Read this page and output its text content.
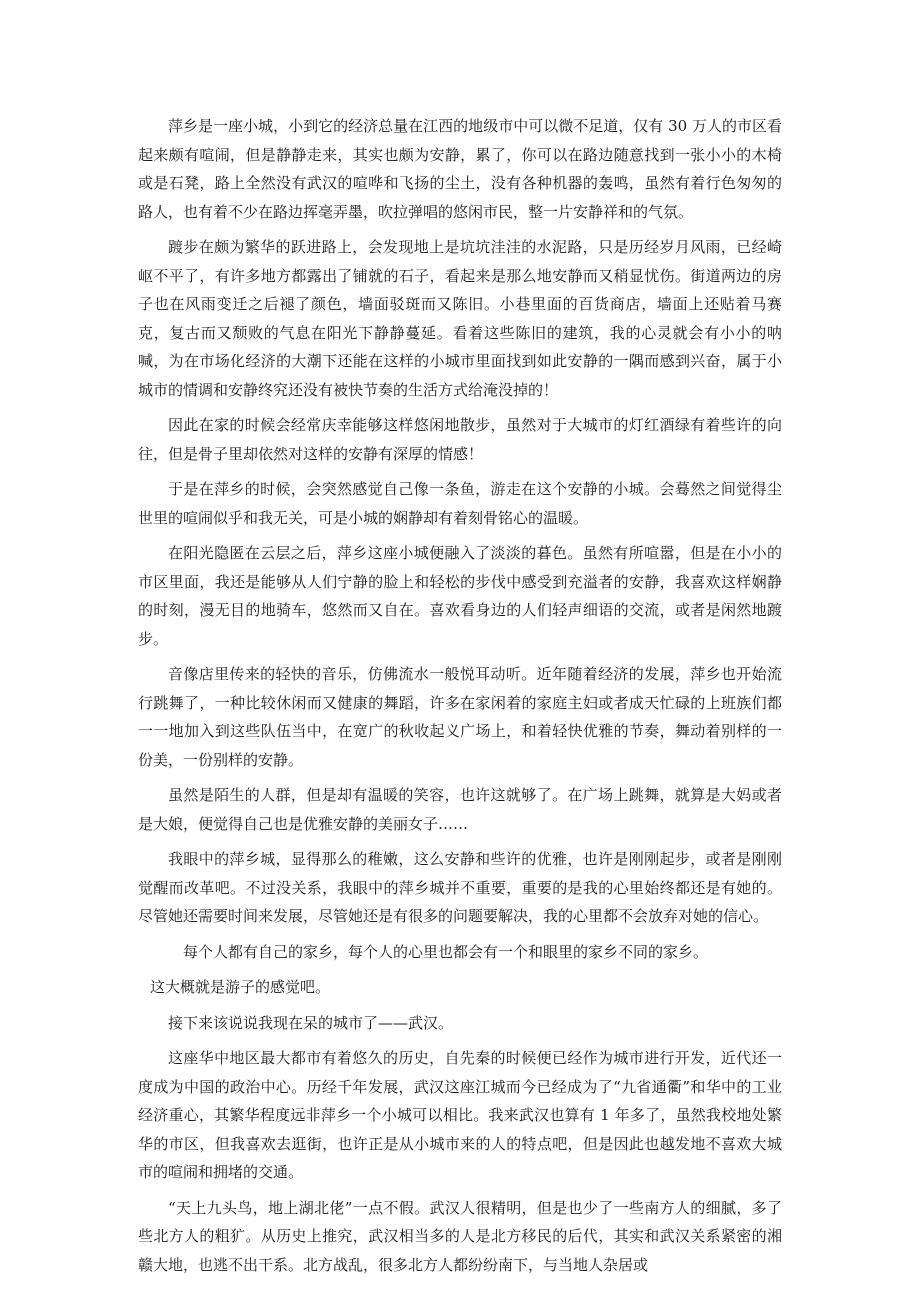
萍乡是一座小城，小到它的经济总量在江西的地级市中可以微不足道，仅有 30 万人的市区看起来颇有喧闹，但是静静走来，其实也颇为安静，累了，你可以在路边随意找到一张小小的木椅或是石凳，路上全然没有武汉的喧哗和飞扬的尘土，没有各种机器的轰鸣，虽然有着行色匆匆的路人，也有着不少在路边挥毫弄墨，吹拉弹唱的悠闲市民，整一片安静祥和的气氛。

踱步在颇为繁华的跃进路上，会发现地上是坑坑洼洼的水泥路，只是历经岁月风雨，已经崎岖不平了，有许多地方都露出了铺就的石子，看起来是那么地安静而又稍显忧伤。街道两边的房子也在风雨变迁之后褪了颜色，墙面驳斑而又陈旧。小巷里面的百货商店，墙面上还贴着马赛克，复古而又颓败的气息在阳光下静静蔓延。看着这些陈旧的建筑，我的心灵就会有小小的呐喊，为在市场化经济的大潮下还能在这样的小城市里面找到如此安静的一隅而感到兴奋，属于小城市的情调和安静终究还没有被快节奏的生活方式给淹没掉的！

因此在家的时候会经常庆幸能够这样悠闲地散步，虽然对于大城市的灯红酒绿有着些许的向往，但是骨子里却依然对这样的安静有深厚的情感！

于是在萍乡的时候，会突然感觉自己像一条鱼，游走在这个安静的小城。会蓦然之间觉得尘世里的喧闹似乎和我无关，可是小城的娴静却有着刻骨铭心的温暖。

在阳光隐匿在云层之后，萍乡这座小城便融入了淡淡的暮色。虽然有所喧嚣，但是在小小的市区里面，我还是能够从人们宁静的脸上和轻松的步伐中感受到充溢者的安静，我喜欢这样娴静的时刻，漫无目的地骑车，悠然而又自在。喜欢看身边的人们轻声细语的交流，或者是闲然地踱步。

音像店里传来的轻快的音乐，仿佛流水一般悦耳动听。近年随着经济的发展，萍乡也开始流行跳舞了，一种比较休闲而又健康的舞蹈，许多在家闲着的家庭主妇或者成天忙碌的上班族们都一一地加入到这些队伍当中，在宽广的秋收起义广场上，和着轻快优雅的节奏，舞动着别样的一份美，一份别样的安静。

虽然是陌生的人群，但是却有温暖的笑容，也许这就够了。在广场上跳舞，就算是大妈或者是大娘，便觉得自己也是优雅安静的美丽女子……

我眼中的萍乡城，显得那么的稚嫩，这么安静和些许的优雅，也许是刚刚起步，或者是刚刚觉醒而改革吧。不过没关系，我眼中的萍乡城并不重要，重要的是我的心里始终都还是有她的。尽管她还需要时间来发展，尽管她还是有很多的问题要解决，我的心里都不会放弃对她的信心。

每个人都有自己的家乡，每个人的心里也都会有一个和眼里的家乡不同的家乡。

这大概就是游子的感觉吧。

接下来该说说我现在呆的城市了——武汉。

这座华中地区最大都市有着悠久的历史，自先秦的时候便已经作为城市进行开发，近代还一度成为中国的政治中心。历经千年发展，武汉这座江城而今已经成为了“九省通衢”和华中的工业经济重心，其繁华程度远非萍乡一个小城可以相比。我来武汉也算有 1 年多了，虽然我校地处繁华的市区，但我喜欢去逛街，也许正是从小城市来的人的特点吧，但是因此也越发地不喜欢大城市的喧闹和拥堵的交通。

“天上九头鸟，地上湖北佬”一点不假。武汉人很精明，但是也少了一些南方人的细腻，多了些北方人的粗犷。从历史上推究，武汉相当多的人是北方移民的后代，其实和武汉关系紧密的湘赣大地，也逃不出干系。北方战乱，很多北方人都纷纷南下，与当地人杂居或
